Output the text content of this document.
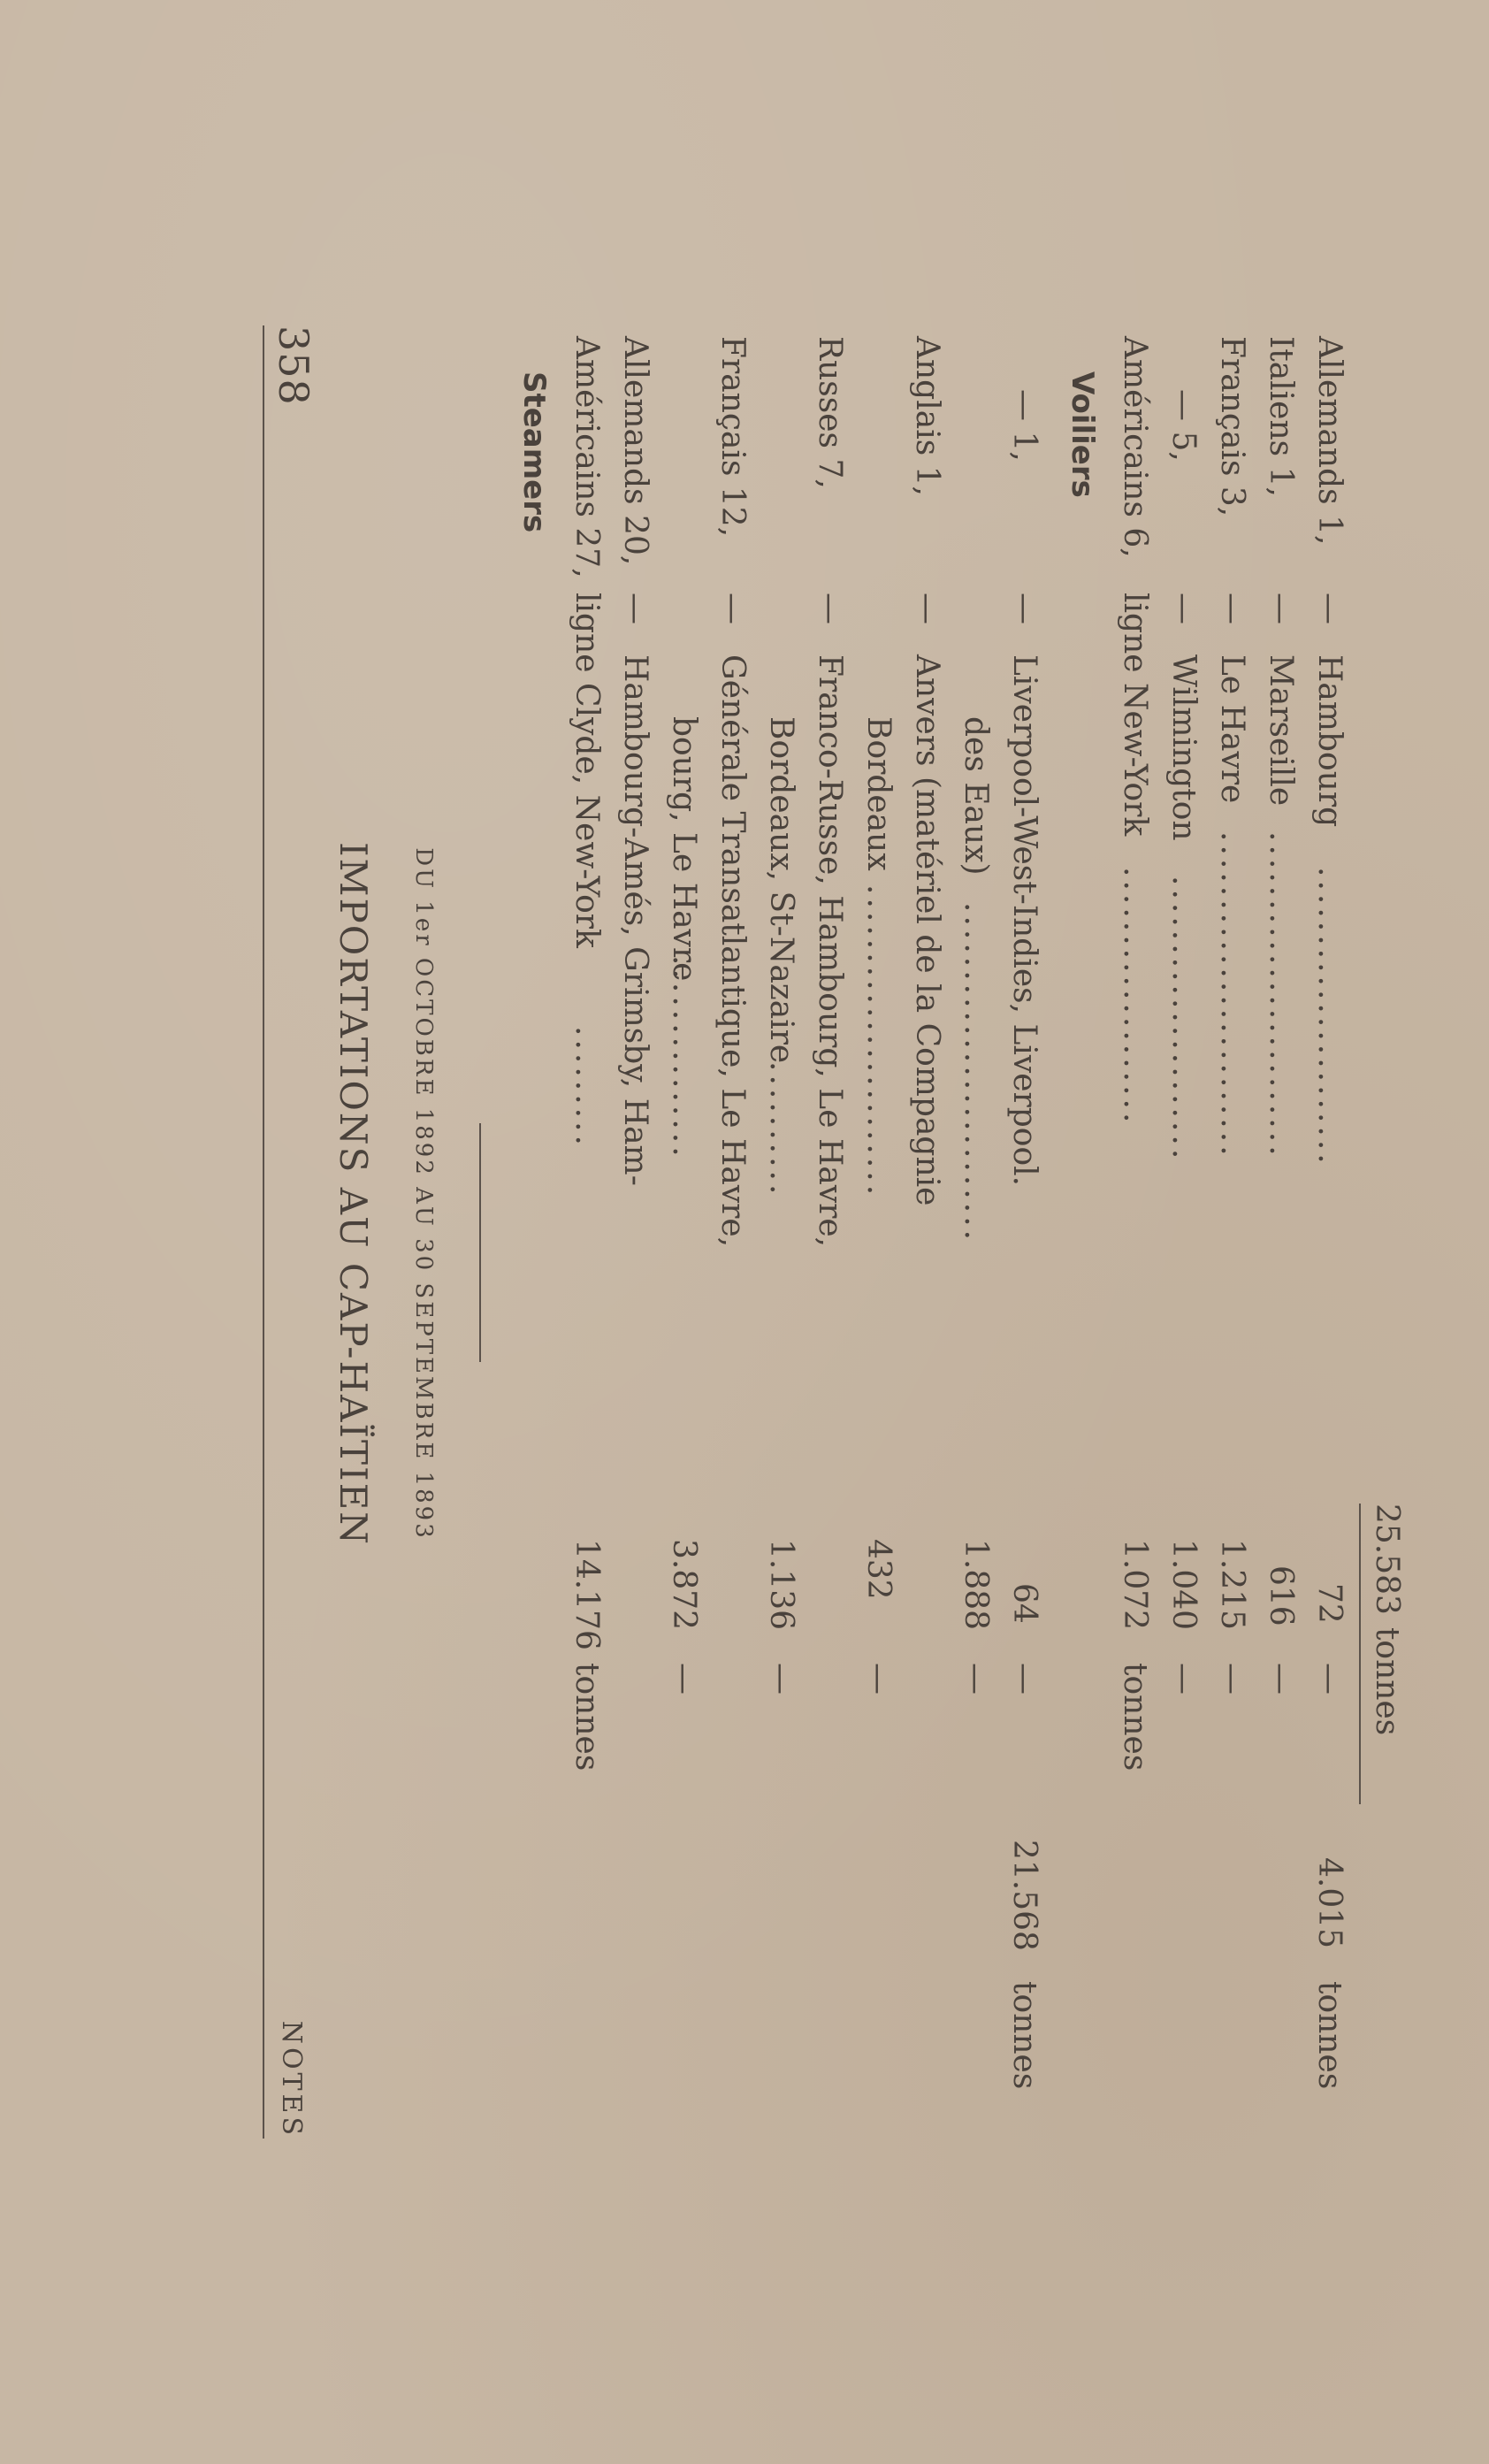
358
NOTES
IMPORTATIONS AU CAP-HAÏTIEN DU 1er OCTOBRE 1892 AU 30 SEPTEMBRE 1893
Steamers Américains 27,
ligne Clyde, New-York
.........
14.176
tonnes
Allemands 20,
—
Hambourg-Amés, Grimsby, Ham- bourg, Le Havre
...............
3.872
—
Français 12,
—
Générale Transatlantique, Le Havre, Bordeaux, St-Nazaire
..........
1.136
—
Russes 7,
—
Franco-Russe, Hambourg, Le Havre, Bordeaux
.......................
432
—
Anglais 1,
—
Anvers (matériel de la Compagnie des Eaux)
.........................
1.888
—
— 1,
—
Liverpool-West-Indies, Liverpool.
64
—
21.568
tonnes
Voiliers Américains 6,
ligne New-York
...................
1.072
tonnes
— 5,
—
Wilmington
.....................
1.040
—
Français 3,
—
Le Havre
........................
1.215
—
Italiens 1,
—
Marseille
........................
616
—
Allemands 1,
—
Hambourg
......................
72
—
4.015
tonnes
25.583tonnes
